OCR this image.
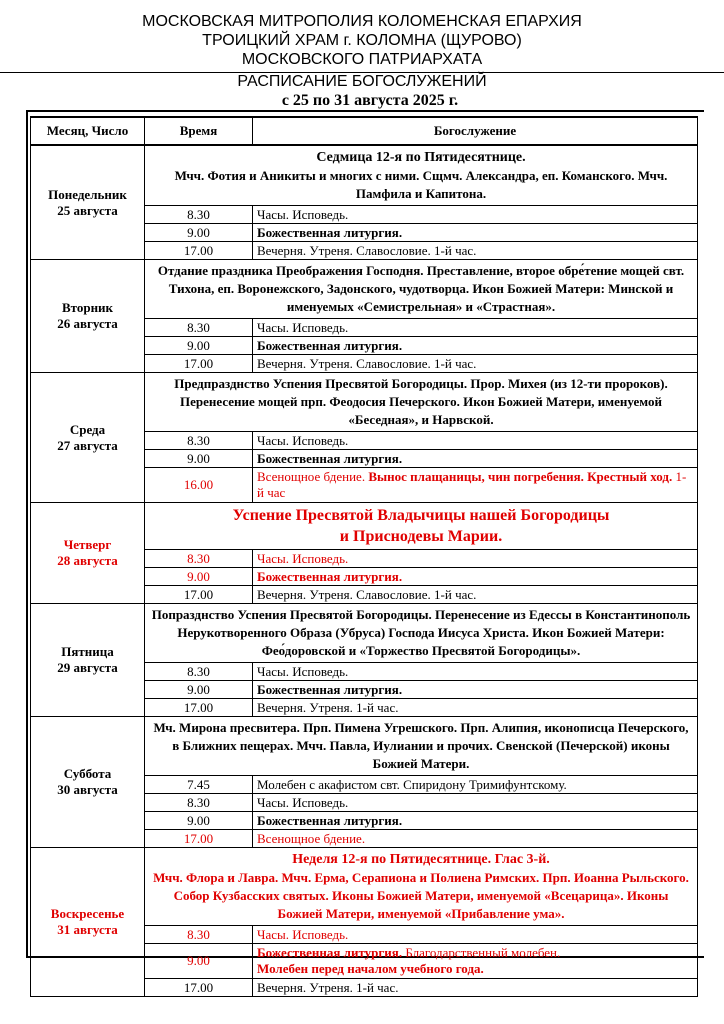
МОСКОВСКАЯ МИТРОПОЛИЯ КОЛОМЕНСКАЯ ЕПАРХИЯ
ТРОИЦКИЙ ХРАМ г. КОЛОМНА (ЩУРОВО)
МОСКОВСКОГО ПАТРИАРХАТА
РАСПИСАНИЕ БОГОСЛУЖЕНИЙ
с 25 по 31 августа 2025 г.
Месяц, Число	Время	Богослужение
Понедельник
25 августа	Седмица 12-я по Пятидесятнице.
Мчч. Фотия и Аникиты и многих с ними. Сщмч. Александра, еп. Команского. Мчч. Памфила и Капитона.	
	8.30	Часы. Исповедь.
	9.00	Божественная литургия.
	17.00	Вечерня. Утреня. Славословие. 1-й час.
Вторник
26 августа	Отдание праздника Преображения Господня. Преставление, второе обре́тение мощей свт. Тихона, еп. Воронежского, Задонского, чудотворца. Икон Божией Матери: Минской и именуемых «Семистрельная» и «Страстная».	
	8.30	Часы. Исповедь.
	9.00	Божественная литургия.
	17.00	Вечерня. Утреня. Славословие. 1-й час.
Среда
27 августа	Предпразднство Успения Пресвятой Богородицы. Прор. Михея (из 12-ти пророков). Перенесение мощей прп. Феодосия Печерского. Икон Божией Матери, именуемой «Беседная», и Нарвской.	
	8.30	Часы. Исповедь.
	9.00	Божественная литургия.
	16.00	Всенощное бдение. Вынос плащаницы, чин погребения. Крестный ход. 1-й час
Четверг
28 августа	Успение Пресвятой Владычицы нашей Богородицы
и Приснодевы Марии.	
	8.30	Часы. Исповедь.
	9.00	Божественная литургия.
	17.00	Вечерня. Утреня. Славословие. 1-й час.
Пятница
29 августа	Попразднство Успения Пресвятой Богородицы. Перенесение из Едессы в Константинополь Нерукотворенного Образа (Убруса) Господа Иисуса Христа. Икон Божией Матери: Фео́доровской и «Торжество Пресвятой Богородицы».	
	8.30	Часы. Исповедь.
	9.00	Божественная литургия.
	17.00	Вечерня. Утреня. 1-й час.
Суббота
30 августа	Мч. Мирона пресвитера. Прп. Пимена Угрешского. Прп. Алипия, иконописца Печерского, в Ближних пещерах. Мчч. Павла, Иулиании и прочих. Свенской (Печерской) иконы Божией Матери.	
	7.45	Молебен с акафистом свт. Спиридону Тримифунтскому.
	8.30	Часы. Исповедь.
	9.00	Божественная литургия.
	17.00	Всенощное бдение.
Воскресенье
31 августа	Неделя 12-я по Пятидесятнице. Глас 3-й.
Мчч. Флора и Лавра. Мчч. Ерма, Серапиона и Полиена Римских. Прп. Иоанна Рыльского. Собор Кузбасских святых. Иконы Божией Матери, именуемой «Всецарица». Иконы Божией Матери, именуемой «Прибавление ума».	
	8.30	Часы. Исповедь.
	9.00	Божественная литургия. Благодарственный молебен.
Молебен перед началом учебного года.
	17.00	Вечерня. Утреня. 1-й час.
